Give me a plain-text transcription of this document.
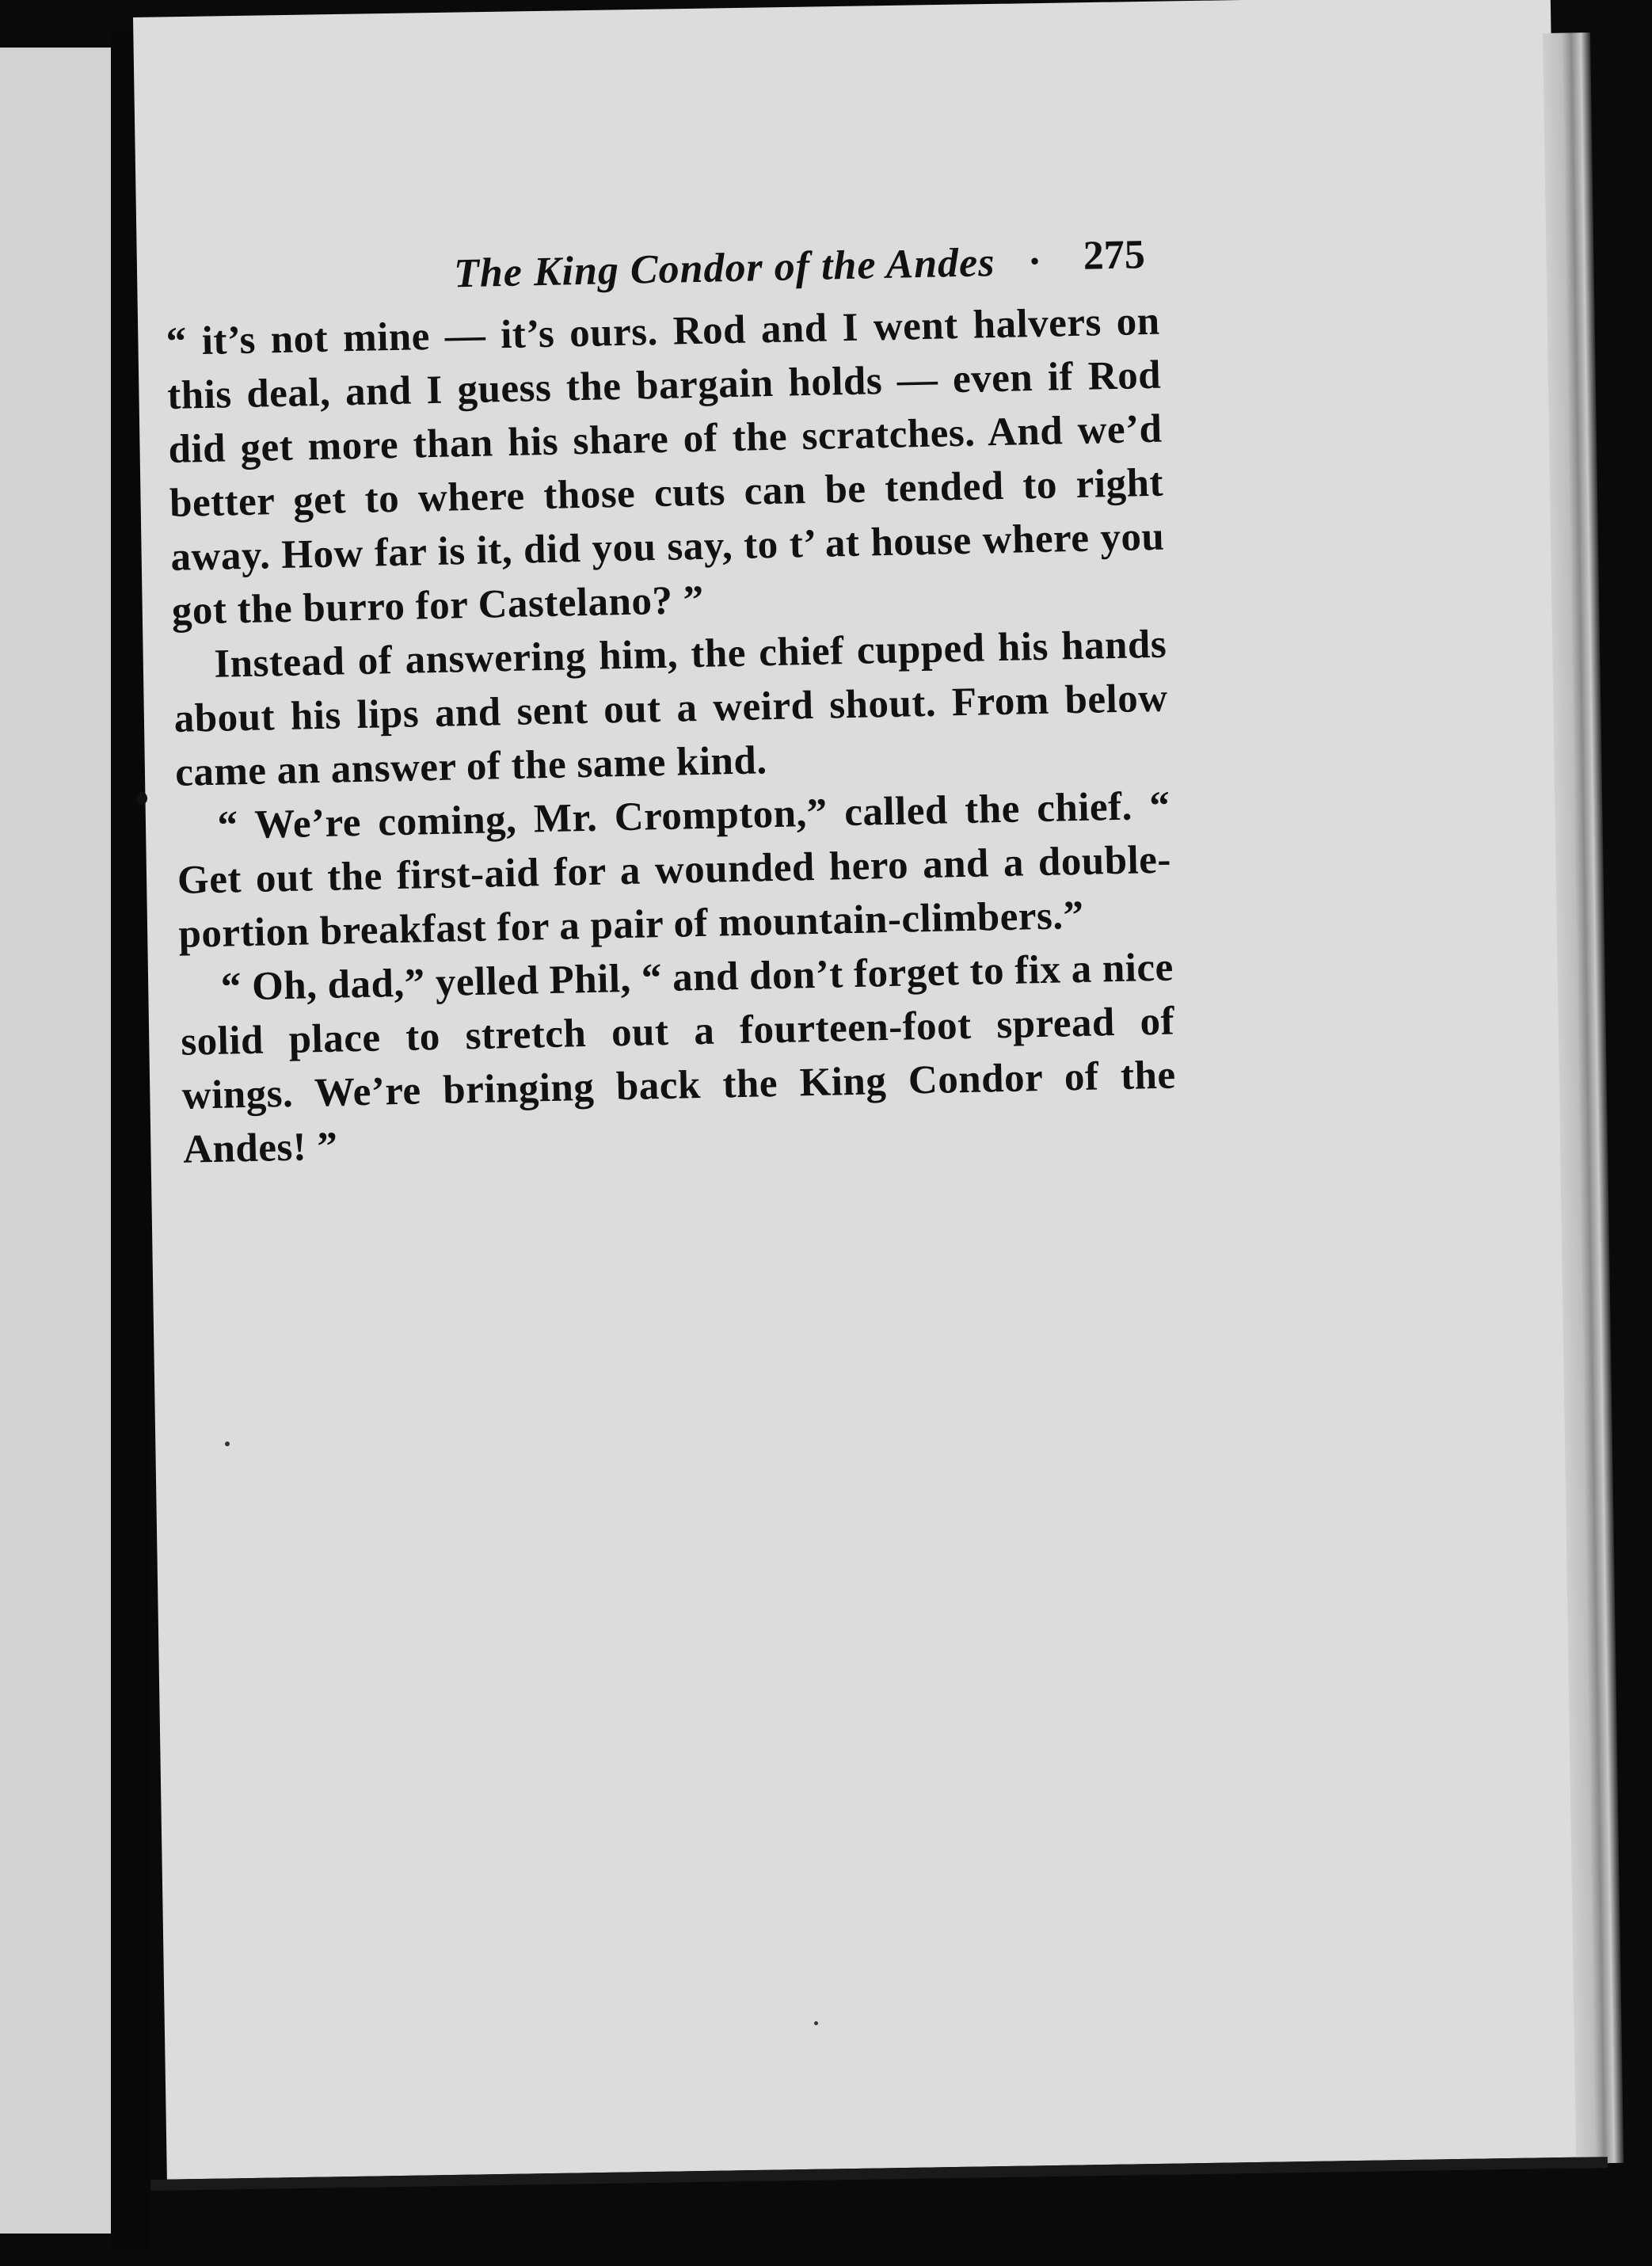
The King Condor of the Andes · 275

“ it’s not mine — it’s ours. Rod and I went halvers on this deal, and I guess the bargain holds — even if Rod did get more than his share of the scratches. And we’d better get to where those cuts can be tended to right away. How far is it, did you say, to t’ at house where you got the burro for Castelano? ”

Instead of answering him, the chief cupped his hands about his lips and sent out a weird shout. From below came an answer of the same kind.

“ We’re coming, Mr. Crompton,” called the chief. “ Get out the first-aid for a wounded hero and a double-portion breakfast for a pair of mountain-climbers.”

“ Oh, dad,” yelled Phil, “ and don’t forget to fix a nice solid place to stretch out a fourteen-foot spread of wings. We’re bringing back the King Condor of the Andes! ”
